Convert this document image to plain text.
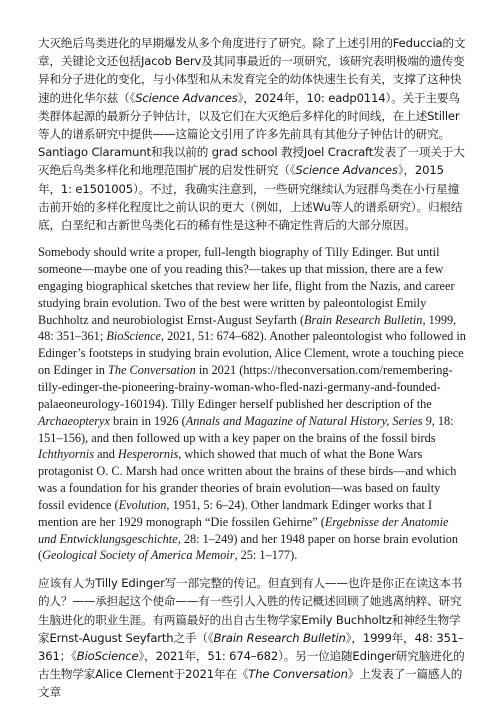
大灭绝后鸟类进化的早期爆发从多个角度进行了研究。除了上述引用的Feduccia的文章，关键论文还包括Jacob Berv及其同事最近的一项研究，该研究表明极端的遗传变异和分子进化的变化，与小体型和从未发育完全的幼体快速生长有关，支撑了这种快速的进化华尔兹（《Science Advances》，2024年，10: eadp0114）。关于主要鸟类群体起源的最新分子钟估计，以及它们在大灭绝后多样化的时间线，在上述Stiller等人的谱系研究中提供——这篇论文引用了许多先前具有其他分子钟估计的研究。Santiago Claramunt和我以前的 grad school 教授Joel Cracraft发表了一项关于大灭绝后鸟类多样化和地理范围扩展的启发性研究（《Science Advances》，2015年，1: e1501005）。不过，我确实注意到，一些研究继续认为冠群鸟类在小行星撞击前开始的多样化程度比之前认识的更大（例如，上述Wu等人的谱系研究）。归根结底，白垩纪和古新世鸟类化石的稀有性是这种不确定性背后的大部分原因。

Somebody should write a proper, full-length biography of Tilly Edinger. But until someone—maybe one of you reading this?—takes up that mission, there are a few engaging biographical sketches that review her life, flight from the Nazis, and career studying brain evolution. Two of the best were written by paleontologist Emily Buchholtz and neurobiologist Ernst-August Seyfarth (Brain Research Bulletin, 1999, 48: 351–361; BioScience, 2021, 51: 674–682). Another paleontologist who followed in Edinger’s footsteps in studying brain evolution, Alice Clement, wrote a touching piece on Edinger in The Conversation in 2021 (https://theconversation.com/remembering-tilly-edinger-the-pioneering-brainy-woman-who-fled-nazi-germany-and-founded-palaeoneurology-160194). Tilly Edinger herself published her description of the Archaeopteryx brain in 1926 (Annals and Magazine of Natural History, Series 9, 18: 151–156), and then followed up with a key paper on the brains of the fossil birds Ichthyornis and Hesperornis, which showed that much of what the Bone Wars protagonist O. C. Marsh had once written about the brains of these birds—and which was a foundation for his grander theories of brain evolution—was based on faulty fossil evidence (Evolution, 1951, 5: 6–24). Other landmark Edinger works that I mention are her 1929 monograph “Die fossilen Gehirne” (Ergebnisse der Anatomie und Entwicklungsgeschichte, 28: 1–249) and her 1948 paper on horse brain evolution (Geological Society of America Memoir, 25: 1–177).

应该有人为Tilly Edinger写一部完整的传记。但直到有人——也许是你正在读这本书的人？——承担起这个使命——有一些引人入胜的传记概述回顾了她逃离纳粹、研究生脑进化的职业生涯。有两篇最好的出自古生物学家Emily Buchholtz和神经生物学家Ernst-August Seyfarth之手（《Brain Research Bulletin》，1999年，48: 351–361；《BioScience》，2021年，51: 674–682）。另一位追随Edinger研究脑进化的古生物学家Alice Clement于2021年在《The Conversation》上发表了一篇感人的文章
